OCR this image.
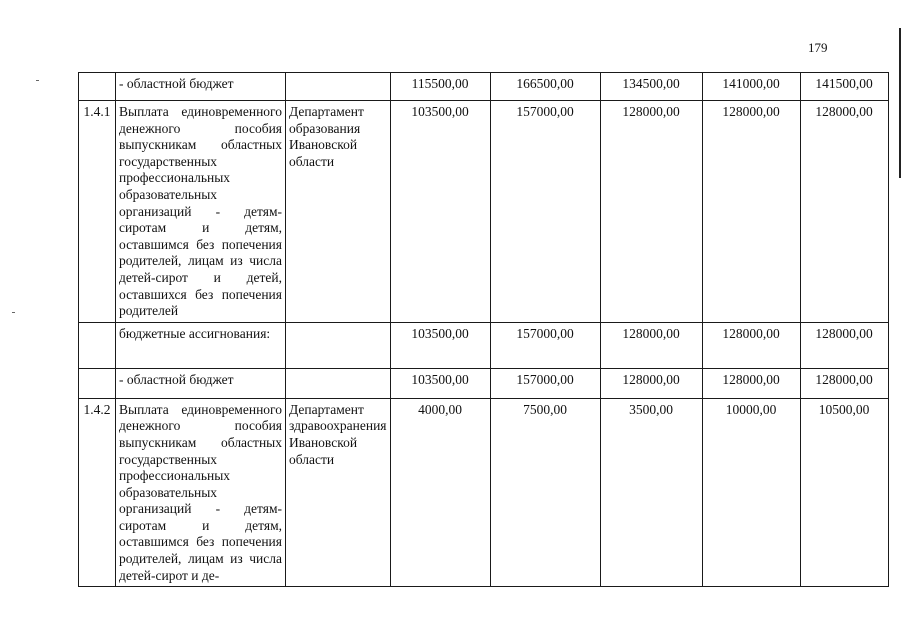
179
	- областной бюджет		115500,00	166500,00	134500,00	141000,00	141500,00
1.4.1	Выплата единовременного денежного пособия выпускникам областных государственных профессиональных образовательных организаций - детям-сиротам и детям, оставшимся без попечения родителей, лицам из числа детей-сирот и детей, оставшихся без попечения родителей	Департамент образования Ивановской области	103500,00	157000,00	128000,00	128000,00	128000,00
	бюджетные ассигнования:		103500,00	157000,00	128000,00	128000,00	128000,00
	- областной бюджет		103500,00	157000,00	128000,00	128000,00	128000,00
1.4.2	Выплата единовременного денежного пособия выпускникам областных государственных профессиональных образовательных организаций - детям-сиротам и детям, оставшимся без попечения родителей, лицам из числа детей-сирот и де-	Департамент здравоохранения Ивановской области	4000,00	7500,00	3500,00	10000,00	10500,00
